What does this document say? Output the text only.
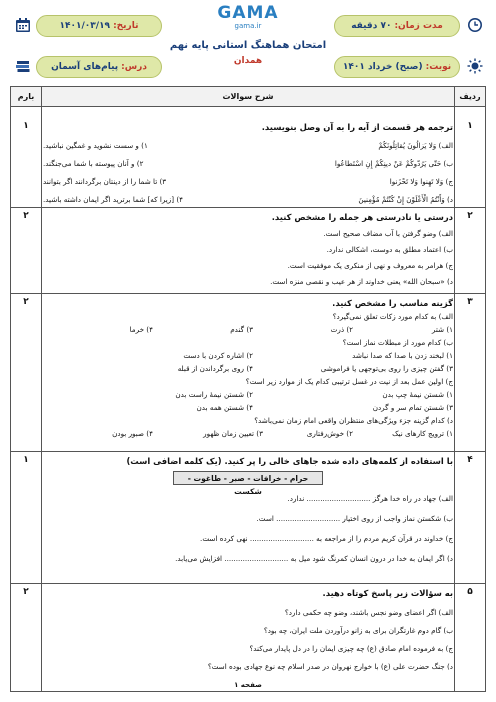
تاریخ:
۱۴۰۱/۰۳/۱۹
GAMA
gama.ir	مدت زمان:
۷۰ دقیقه
امتحان هماهنگ استانی پایه نهم
همدان
درس:
پیام‌های آسمان	نوبت:
(صبح) خرداد ۱۴۰۱
ردیف
شرح سوالات
بارم
۱
۱	ترجمه هر قسمت از آیه را به آن وصل بنویسید.
الف) وَلا يَزالُونَ يُقاتِلُونَكُمْ
۱) و سست نشوید و غمگین نباشید.
ب) حَتّى يَرُدّوكُمْ عَنْ دينِكُمْ إِنِ اسْتَطاعُوا
۲) و آنان پیوسته با شما می‌جنگند.
ج) وَلا تَهِنوا وَلا تَحْزَنوا
۳) تا شما را از دینتان برگردانند اگر بتوانند
د) وَأَنْتُمُ الْأَعْلَوْنَ إِنْ كُنْتُمْ مُؤْمِنينَ
۴) [زیرا که] شما برترید اگر ایمان داشته باشید.
۲
۲	درستی یا نادرستی هر جمله را مشخص کنید.
الف) وضو گرفتن با آب مضاف صحیح است.
ب) اعتماد مطلق به دوست، اشکالی ندارد.
ج) هرامر به معروف و نهی از منکری یک موفقیت است.
د) «سبحان الله» یعنی خداوند از هر عیب و نقصی منزه است.
۳
۲	گزینه مناسب را مشخص کنید.
الف) به کدام مورد زکات تعلق نمی‌گیرد؟
۱) شتر
۲) ذرت
۳) گندم
۴) خرما
ب) کدام مورد از مبطلات نماز است؟
۱) لبخند زدن با صدا که صدا نباشد
۲) اشاره کردن با دست
۳) گفتن چیزی را روی بی‌توجهی یا فراموشی
۴) روی برگرداندن از قبله
ج) اولین عمل بعد از نیت در غسل ترتیبی کدام یک از موارد زیر است؟
۱) شستن نیمهٔ چپ بدن
۲) شستن نیمهٔ راست بدن
۳) شستن تمام سر و گردن
۴) شستن همه بدن
د) کدام گزینه جزء ویژگی‌های منتظران واقعی امام زمان نمی‌باشد؟
۱) ترویج کارهای نیک
۲) خوش‌رفتاری
۳) تعیین زمان ظهور
۴) صبور بودن
۴
۱	با استفاده از کلمه‌های داده شده جاهای خالی را پر کنید. (یک کلمه اضافی است)
حرام - خرافات - صبر - طاغوت - شکست
الف) جهاد در راه خدا هرگز ............................ ندارد.
ب) شکستن نماز واجب از روی اختیار ............................ است.
ج) خداوند در قرآن کریم مردم را از مراجعه به ............................ نهی کرده است.
د) اگر ایمان به خدا در درون انسان کمرنگ شود میل به ............................ افزایش می‌یابد.
۵
۲	به سؤالات زیر پاسخ کوتاه دهید.
الف) اگر اعضای وضو نجس باشند، وضو چه حکمی دارد؟
ب) گام دوم غارتگران برای به زانو درآوردن ملت ایران، چه بود؟
ج) به فرموده امام صادق (ع) چه چیزی ایمان را در دل پایدار می‌کند؟
د) جنگ حضرت علی (ع) با خوارج نهروان در صدر اسلام چه نوع جهادی بوده است؟
صفحه ۱
